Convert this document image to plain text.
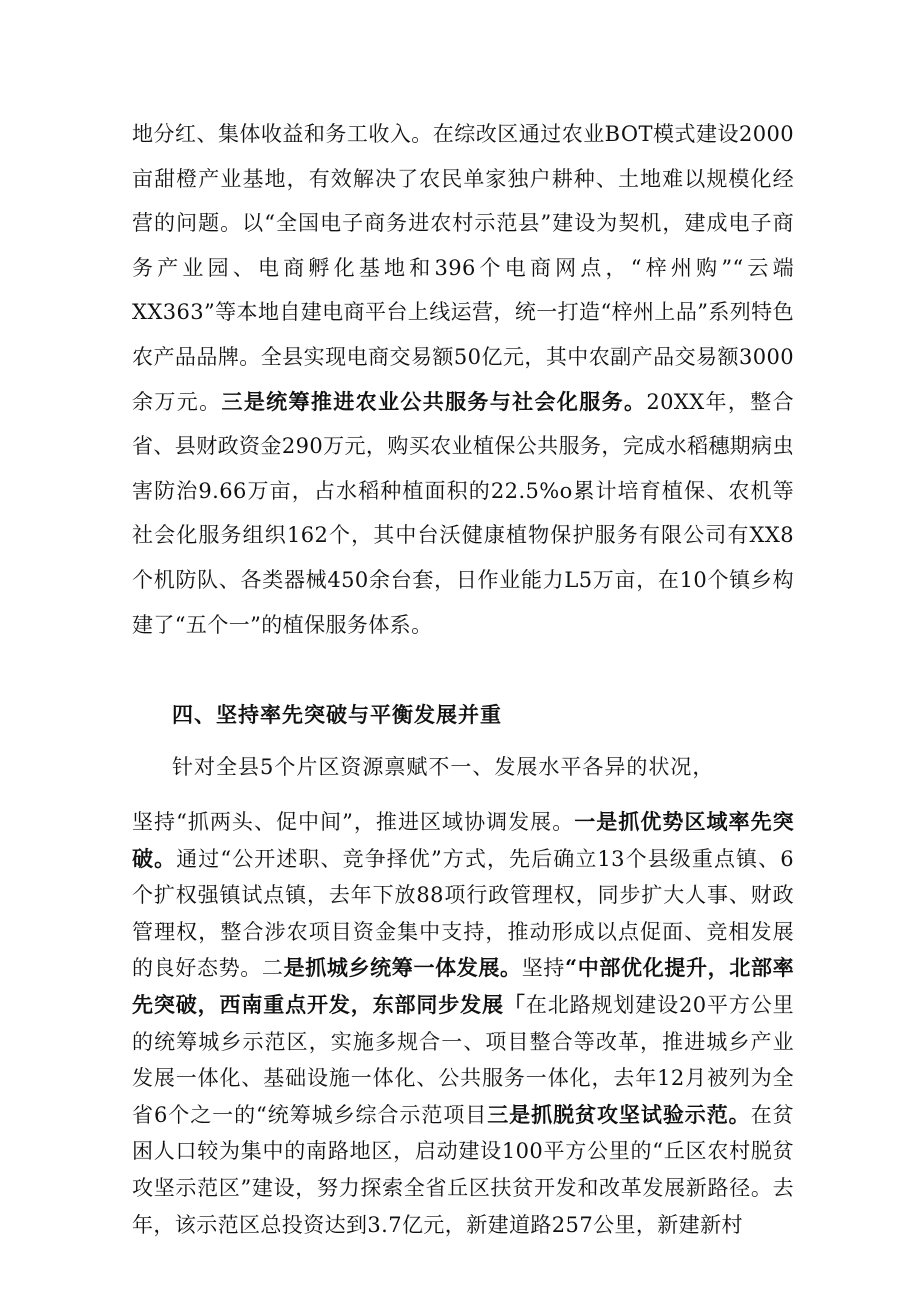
地分红、集体收益和务工收入。在综改区通过农业BOT模式建设2000亩甜橙产业基地，有效解决了农民单家独户耕种、土地难以规模化经营的问题。以“全国电子商务进农村示范县”建设为契机，建成电子商务产业园、电商孵化基地和396个电商网点，“梓州购”“云端XX363”等本地自建电商平台上线运营，统一打造“梓州上品”系列特色农产品品牌。全县实现电商交易额50亿元，其中农副产品交易额3000余万元。三是统筹推进农业公共服务与社会化服务。20XX年，整合省、县财政资金290万元，购买农业植保公共服务，完成水稻穗期病虫害防治9.66万亩，占水稻种植面积的22.5%o累计培育植保、农机等社会化服务组织162个，其中台沃健康植物保护服务有限公司有XX8个机防队、各类器械450余台套，日作业能力L5万亩，在10个镇乡构建了“五个一”的植保服务体系。

四、坚持率先突破与平衡发展并重

针对全县5个片区资源禀赋不一、发展水平各异的状况，

坚持“抓两头、促中间”，推进区域协调发展。一是抓优势区域率先突破。通过“公开述职、竞争择优”方式，先后确立13个县级重点镇、6个扩权强镇试点镇，去年下放88项行政管理权，同步扩大人事、财政管理权，整合涉农项目资金集中支持，推动形成以点促面、竞相发展的良好态势。二是抓城乡统筹一体发展。坚持“中部优化提升，北部率先突破，西南重点开发，东部同步发展「在北路规划建设20平方公里的统筹城乡示范区，实施多规合一、项目整合等改革，推进城乡产业发展一体化、基础设施一体化、公共服务一体化，去年12月被列为全省6个之一的“统筹城乡综合示范项目三是抓脱贫攻坚试验示范。在贫困人口较为集中的南路地区，启动建设100平方公里的“丘区农村脱贫攻坚示范区”建设，努力探索全省丘区扶贫开发和改革发展新路径。去年，该示范区总投资达到3.7亿元，新建道路257公里，新建新村
